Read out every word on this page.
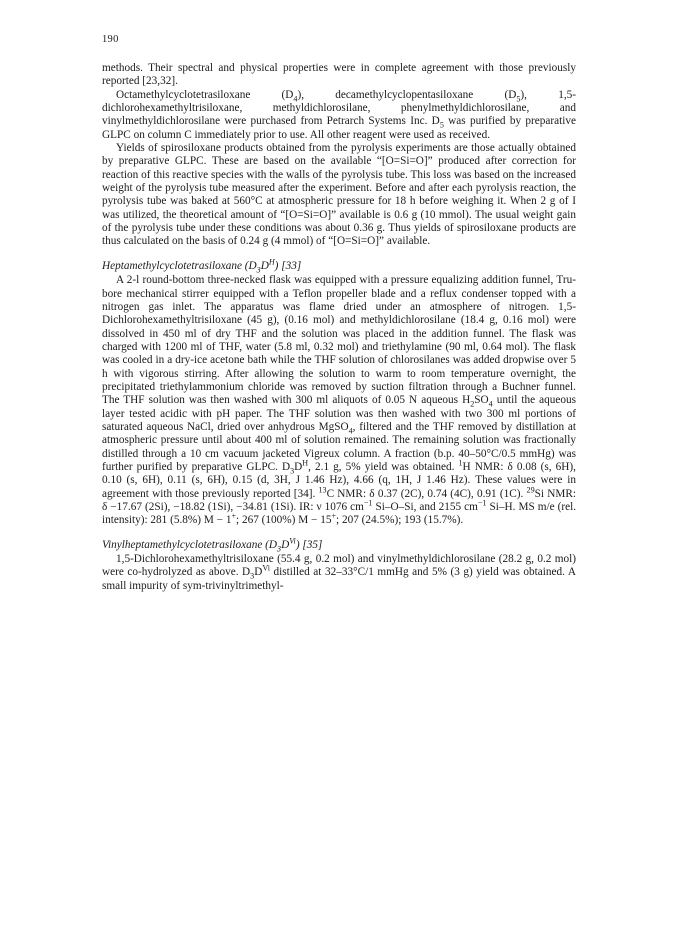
190

methods. Their spectral and physical properties were in complete agreement with those previously reported [23,32].

Octamethylcyclotetrasiloxane $(D_4)$, decamethylcyclopentasiloxane $(D_5)$, 1,5-dichlorohexamethyltrisiloxane, methyldichlorosilane, phenylmethyldichlorosilane, and vinylmethyldichlorosilane were purchased from Petrarch Systems Inc. $D_5$ was purified by preparative GLPC on column C immediately prior to use. All other reagent were used as received.

Yields of spirosiloxane products obtained from the pyrolysis experiments are those actually obtained by preparative GLPC. These are based on the available “[O=Si=O]” produced after correction for reaction of this reactive species with the walls of the pyrolysis tube. This loss was based on the increased weight of the pyrolysis tube measured after the experiment. Before and after each pyrolysis reaction, the pyrolysis tube was baked at 560°C at atmospheric pressure for 18 h before weighing it. When 2 g of I was utilized, the theoretical amount of “[O=Si=O]” available is 0.6 g (10 mmol). The usual weight gain of the pyrolysis tube under these conditions was about 0.36 g. Thus yields of spirosiloxane products are thus calculated on the basis of 0.24 g (4 mmol) of “[O=Si=O]” available.

Heptamethylcyclotetrasiloxane $(D_3D^H)$ [33]

A 2-l round-bottom three-necked flask was equipped with a pressure equalizing addition funnel, Tru-bore mechanical stirrer equipped with a Teflon propeller blade and a reflux condenser topped with a nitrogen gas inlet. The apparatus was flame dried under an atmosphere of nitrogen. 1,5-Dichlorohexamethyltrisiloxane (45 g), (0.16 mol) and methyldichlorosilane (18.4 g, 0.16 mol) were dissolved in 450 ml of dry THF and the solution was placed in the addition funnel. The flask was charged with 1200 ml of THF, water (5.8 ml, 0.32 mol) and triethylamine (90 ml, 0.64 mol). The flask was cooled in a dry-ice acetone bath while the THF solution of chlorosilanes was added dropwise over 5 h with vigorous stirring. After allowing the solution to warm to room temperature overnight, the precipitated triethylammonium chloride was removed by suction filtration through a Buchner funnel. The THF solution was then washed with 300 ml aliquots of 0.05 N aqueous $H_2SO_4$ until the aqueous layer tested acidic with pH paper. The THF solution was then washed with two 300 ml portions of saturated aqueous NaCl, dried over anhydrous MgSO$_4$, filtered and the THF removed by distillation at atmospheric pressure until about 400 ml of solution remained. The remaining solution was fractionally distilled through a 10 cm vacuum jacketed Vigreux column. A fraction (b.p. 40–50°C/0.5 mmHg) was further purified by preparative GLPC. $D_3D^H$, 2.1 g, 5% yield was obtained. $^1$H NMR: δ 0.08 (s, 6H), 0.10 (s, 6H), 0.11 (s, 6H), 0.15 (d, 3H, J 1.46 Hz), 4.66 (q, 1H, J 1.46 Hz). These values were in agreement with those previously reported [34]. $^{13}$C NMR: δ 0.37 (2C), 0.74 (4C), 0.91 (1C). $^{29}$Si NMR: δ −17.67 (2Si), −18.82 (1Si), −34.81 (1Si). IR: ν 1076 $cm^{-1}$ Si–O–Si, and 2155 $cm^{-1}$ Si–H. MS m/e (rel. intensity): 281 (5.8%) M − 1+; 267 (100%) M − 15+; 207 (24.5%); 193 (15.7%).

Vinylheptamethylcyclotetrasiloxane $(D_3D^{Vi})$ [35]

1,5-Dichlorohexamethyltrisiloxane (55.4 g, 0.2 mol) and vinylmethyldichlorosilane (28.2 g, 0.2 mol) were co-hydrolyzed as above. $D_3D^{Vi}$ distilled at 32–33°C/1 mmHg and 5% (3 g) yield was obtained. A small impurity of sym-trivinyltrimethyl-
